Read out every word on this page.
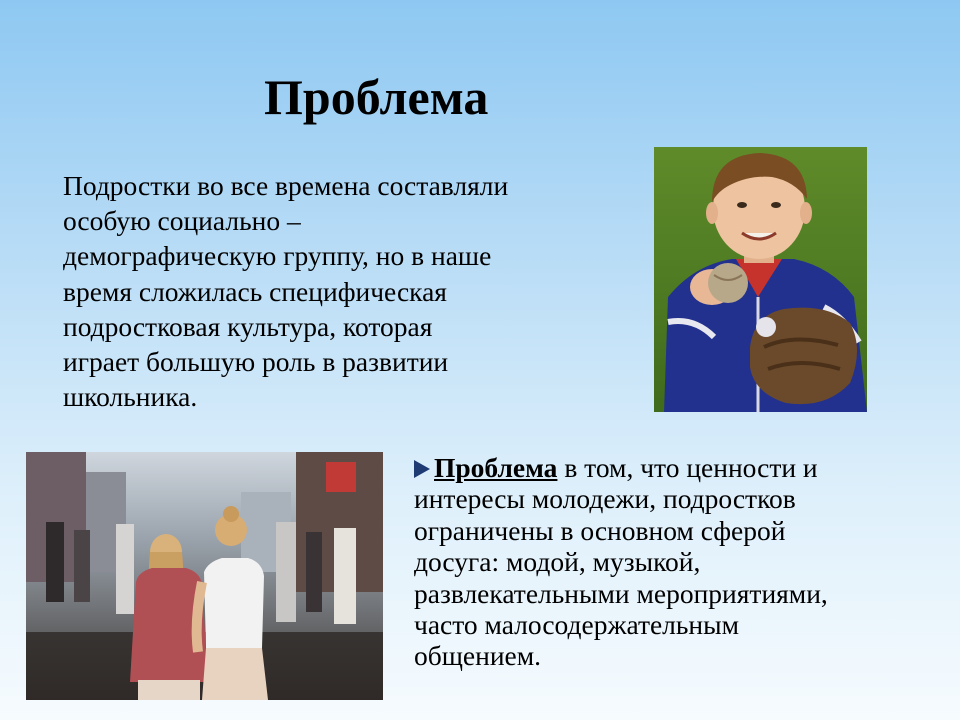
Проблема
Подростки во все времена составляли
особую социально –
демографическую группу, но в наше
время сложилась специфическая
подростковая культура, которая
играет большую роль в развитии
школьника.
Проблема в том, что ценности и
интересы молодежи, подростков
ограничены в основном сферой
досуга: модой, музыкой,
развлекательными мероприятиями,
часто малосодержательным
общением.
